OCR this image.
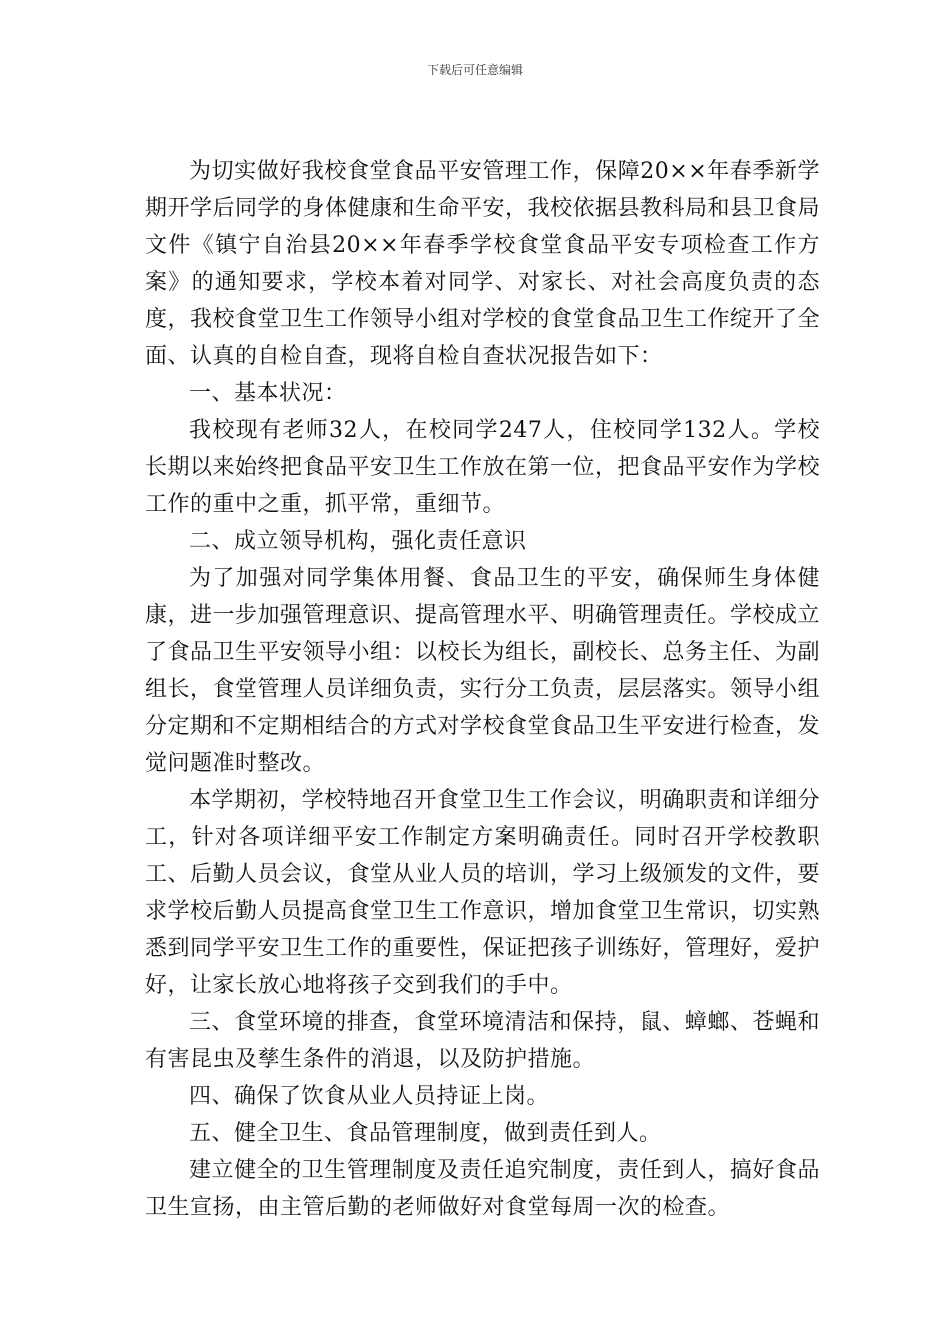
下载后可任意编辑

为切实做好我校食堂食品平安管理工作，保障20××年春季新学期开学后同学的身体健康和生命平安，我校依据县教科局和县卫食局文件《镇宁自治县20××年春季学校食堂食品平安专项检查工作方案》的通知要求，学校本着对同学、对家长、对社会高度负责的态度，我校食堂卫生工作领导小组对学校的食堂食品卫生工作绽开了全面、认真的自检自查，现将自检自查状况报告如下：

一、基本状况：

我校现有老师32人，在校同学247人，住校同学132人。学校长期以来始终把食品平安卫生工作放在第一位，把食品平安作为学校工作的重中之重，抓平常，重细节。

二、成立领导机构，强化责任意识

为了加强对同学集体用餐、食品卫生的平安，确保师生身体健康，进一步加强管理意识、提高管理水平、明确管理责任。学校成立了食品卫生平安领导小组：以校长为组长，副校长、总务主任、为副组长，食堂管理人员详细负责，实行分工负责，层层落实。领导小组分定期和不定期相结合的方式对学校食堂食品卫生平安进行检查，发觉问题准时整改。

本学期初，学校特地召开食堂卫生工作会议，明确职责和详细分工，针对各项详细平安工作制定方案明确责任。同时召开学校教职工、后勤人员会议，食堂从业人员的培训，学习上级颁发的文件，要求学校后勤人员提高食堂卫生工作意识，增加食堂卫生常识，切实熟悉到同学平安卫生工作的重要性，保证把孩子训练好，管理好，爱护好，让家长放心地将孩子交到我们的手中。

三、食堂环境的排查，食堂环境清洁和保持，鼠、蟑螂、苍蝇和有害昆虫及孳生条件的消退，以及防护措施。

四、确保了饮食从业人员持证上岗。

五、健全卫生、食品管理制度，做到责任到人。

建立健全的卫生管理制度及责任追究制度，责任到人，搞好食品卫生宣扬，由主管后勤的老师做好对食堂每周一次的检查。
